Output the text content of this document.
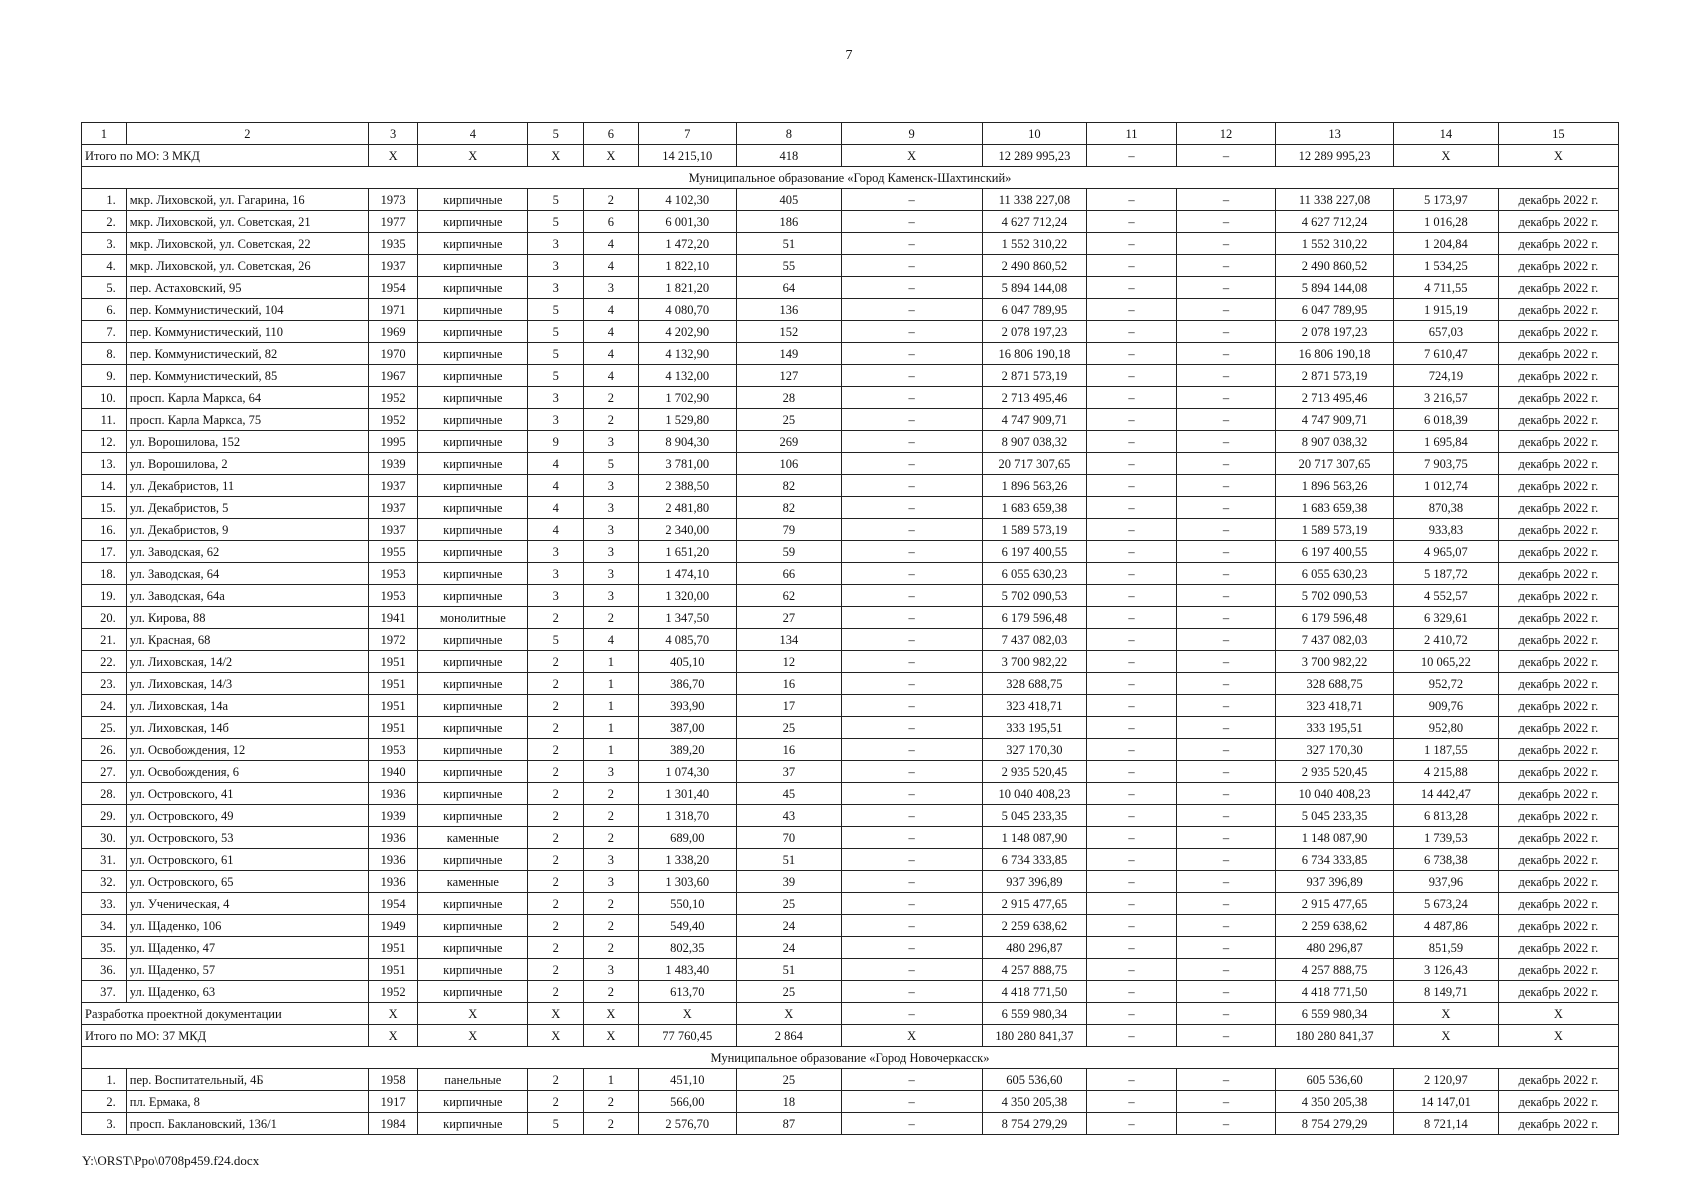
7
1	2	3	4	5	6	7	8	9	10	11	12	13	14	15
Итого по МО: 3 МКД		X	X	X	X	14 215,10	418	X	12 289 995,23	–	–	12 289 995,23	X	X
Муниципальное образование «Город Каменск-Шахтинский»														
1.	мкр. Лиховской, ул. Гагарина, 16	1973	кирпичные	5	2	4 102,30	405	–	11 338 227,08	–	–	11 338 227,08	5 173,97	декабрь 2022 г.
2.	мкр. Лиховской, ул. Советская, 21	1977	кирпичные	5	6	6 001,30	186	–	4 627 712,24	–	–	4 627 712,24	1 016,28	декабрь 2022 г.
3.	мкр. Лиховской, ул. Советская, 22	1935	кирпичные	3	4	1 472,20	51	–	1 552 310,22	–	–	1 552 310,22	1 204,84	декабрь 2022 г.
4.	мкр. Лиховской, ул. Советская, 26	1937	кирпичные	3	4	1 822,10	55	–	2 490 860,52	–	–	2 490 860,52	1 534,25	декабрь 2022 г.
5.	пер. Астаховский, 95	1954	кирпичные	3	3	1 821,20	64	–	5 894 144,08	–	–	5 894 144,08	4 711,55	декабрь 2022 г.
6.	пер. Коммунистический, 104	1971	кирпичные	5	4	4 080,70	136	–	6 047 789,95	–	–	6 047 789,95	1 915,19	декабрь 2022 г.
7.	пер. Коммунистический, 110	1969	кирпичные	5	4	4 202,90	152	–	2 078 197,23	–	–	2 078 197,23	657,03	декабрь 2022 г.
8.	пер. Коммунистический, 82	1970	кирпичные	5	4	4 132,90	149	–	16 806 190,18	–	–	16 806 190,18	7 610,47	декабрь 2022 г.
9.	пер. Коммунистический, 85	1967	кирпичные	5	4	4 132,00	127	–	2 871 573,19	–	–	2 871 573,19	724,19	декабрь 2022 г.
10.	просп. Карла Маркса, 64	1952	кирпичные	3	2	1 702,90	28	–	2 713 495,46	–	–	2 713 495,46	3 216,57	декабрь 2022 г.
11.	просп. Карла Маркса, 75	1952	кирпичные	3	2	1 529,80	25	–	4 747 909,71	–	–	4 747 909,71	6 018,39	декабрь 2022 г.
12.	ул. Ворошилова, 152	1995	кирпичные	9	3	8 904,30	269	–	8 907 038,32	–	–	8 907 038,32	1 695,84	декабрь 2022 г.
13.	ул. Ворошилова, 2	1939	кирпичные	4	5	3 781,00	106	–	20 717 307,65	–	–	20 717 307,65	7 903,75	декабрь 2022 г.
14.	ул. Декабристов, 11	1937	кирпичные	4	3	2 388,50	82	–	1 896 563,26	–	–	1 896 563,26	1 012,74	декабрь 2022 г.
15.	ул. Декабристов, 5	1937	кирпичные	4	3	2 481,80	82	–	1 683 659,38	–	–	1 683 659,38	870,38	декабрь 2022 г.
16.	ул. Декабристов, 9	1937	кирпичные	4	3	2 340,00	79	–	1 589 573,19	–	–	1 589 573,19	933,83	декабрь 2022 г.
17.	ул. Заводская, 62	1955	кирпичные	3	3	1 651,20	59	–	6 197 400,55	–	–	6 197 400,55	4 965,07	декабрь 2022 г.
18.	ул. Заводская, 64	1953	кирпичные	3	3	1 474,10	66	–	6 055 630,23	–	–	6 055 630,23	5 187,72	декабрь 2022 г.
19.	ул. Заводская, 64а	1953	кирпичные	3	3	1 320,00	62	–	5 702 090,53	–	–	5 702 090,53	4 552,57	декабрь 2022 г.
20.	ул. Кирова, 88	1941	монолитные	2	2	1 347,50	27	–	6 179 596,48	–	–	6 179 596,48	6 329,61	декабрь 2022 г.
21.	ул. Красная, 68	1972	кирпичные	5	4	4 085,70	134	–	7 437 082,03	–	–	7 437 082,03	2 410,72	декабрь 2022 г.
22.	ул. Лиховская, 14/2	1951	кирпичные	2	1	405,10	12	–	3 700 982,22	–	–	3 700 982,22	10 065,22	декабрь 2022 г.
23.	ул. Лиховская, 14/3	1951	кирпичные	2	1	386,70	16	–	328 688,75	–	–	328 688,75	952,72	декабрь 2022 г.
24.	ул. Лиховская, 14а	1951	кирпичные	2	1	393,90	17	–	323 418,71	–	–	323 418,71	909,76	декабрь 2022 г.
25.	ул. Лиховская, 14б	1951	кирпичные	2	1	387,00	25	–	333 195,51	–	–	333 195,51	952,80	декабрь 2022 г.
26.	ул. Освобождения, 12	1953	кирпичные	2	1	389,20	16	–	327 170,30	–	–	327 170,30	1 187,55	декабрь 2022 г.
27.	ул. Освобождения, 6	1940	кирпичные	2	3	1 074,30	37	–	2 935 520,45	–	–	2 935 520,45	4 215,88	декабрь 2022 г.
28.	ул. Островского, 41	1936	кирпичные	2	2	1 301,40	45	–	10 040 408,23	–	–	10 040 408,23	14 442,47	декабрь 2022 г.
29.	ул. Островского, 49	1939	кирпичные	2	2	1 318,70	43	–	5 045 233,35	–	–	5 045 233,35	6 813,28	декабрь 2022 г.
30.	ул. Островского, 53	1936	каменные	2	2	689,00	70	–	1 148 087,90	–	–	1 148 087,90	1 739,53	декабрь 2022 г.
31.	ул. Островского, 61	1936	кирпичные	2	3	1 338,20	51	–	6 734 333,85	–	–	6 734 333,85	6 738,38	декабрь 2022 г.
32.	ул. Островского, 65	1936	каменные	2	3	1 303,60	39	–	937 396,89	–	–	937 396,89	937,96	декабрь 2022 г.
33.	ул. Ученическая, 4	1954	кирпичные	2	2	550,10	25	–	2 915 477,65	–	–	2 915 477,65	5 673,24	декабрь 2022 г.
34.	ул. Щаденко, 106	1949	кирпичные	2	2	549,40	24	–	2 259 638,62	–	–	2 259 638,62	4 487,86	декабрь 2022 г.
35.	ул. Щаденко, 47	1951	кирпичные	2	2	802,35	24	–	480 296,87	–	–	480 296,87	851,59	декабрь 2022 г.
36.	ул. Щаденко, 57	1951	кирпичные	2	3	1 483,40	51	–	4 257 888,75	–	–	4 257 888,75	3 126,43	декабрь 2022 г.
37.	ул. Щаденко, 63	1952	кирпичные	2	2	613,70	25	–	4 418 771,50	–	–	4 418 771,50	8 149,71	декабрь 2022 г.
Разработка проектной документации		X	X	X	X	X	X	–	6 559 980,34	–	–	6 559 980,34	X	X
Итого по МО: 37 МКД		X	X	X	X	77 760,45	2 864	X	180 280 841,37	–	–	180 280 841,37	X	X
Муниципальное образование «Город Новочеркасск»														
1.	пер. Воспитательный, 4Б	1958	панельные	2	1	451,10	25	–	605 536,60	–	–	605 536,60	2 120,97	декабрь 2022 г.
2.	пл. Ермака, 8	1917	кирпичные	2	2	566,00	18	–	4 350 205,38	–	–	4 350 205,38	14 147,01	декабрь 2022 г.
3.	просп. Баклановский, 136/1	1984	кирпичные	5	2	2 576,70	87	–	8 754 279,29	–	–	8 754 279,29	8 721,14	декабрь 2022 г.
Y:\ORST\Ppo\0708p459.f24.docx
